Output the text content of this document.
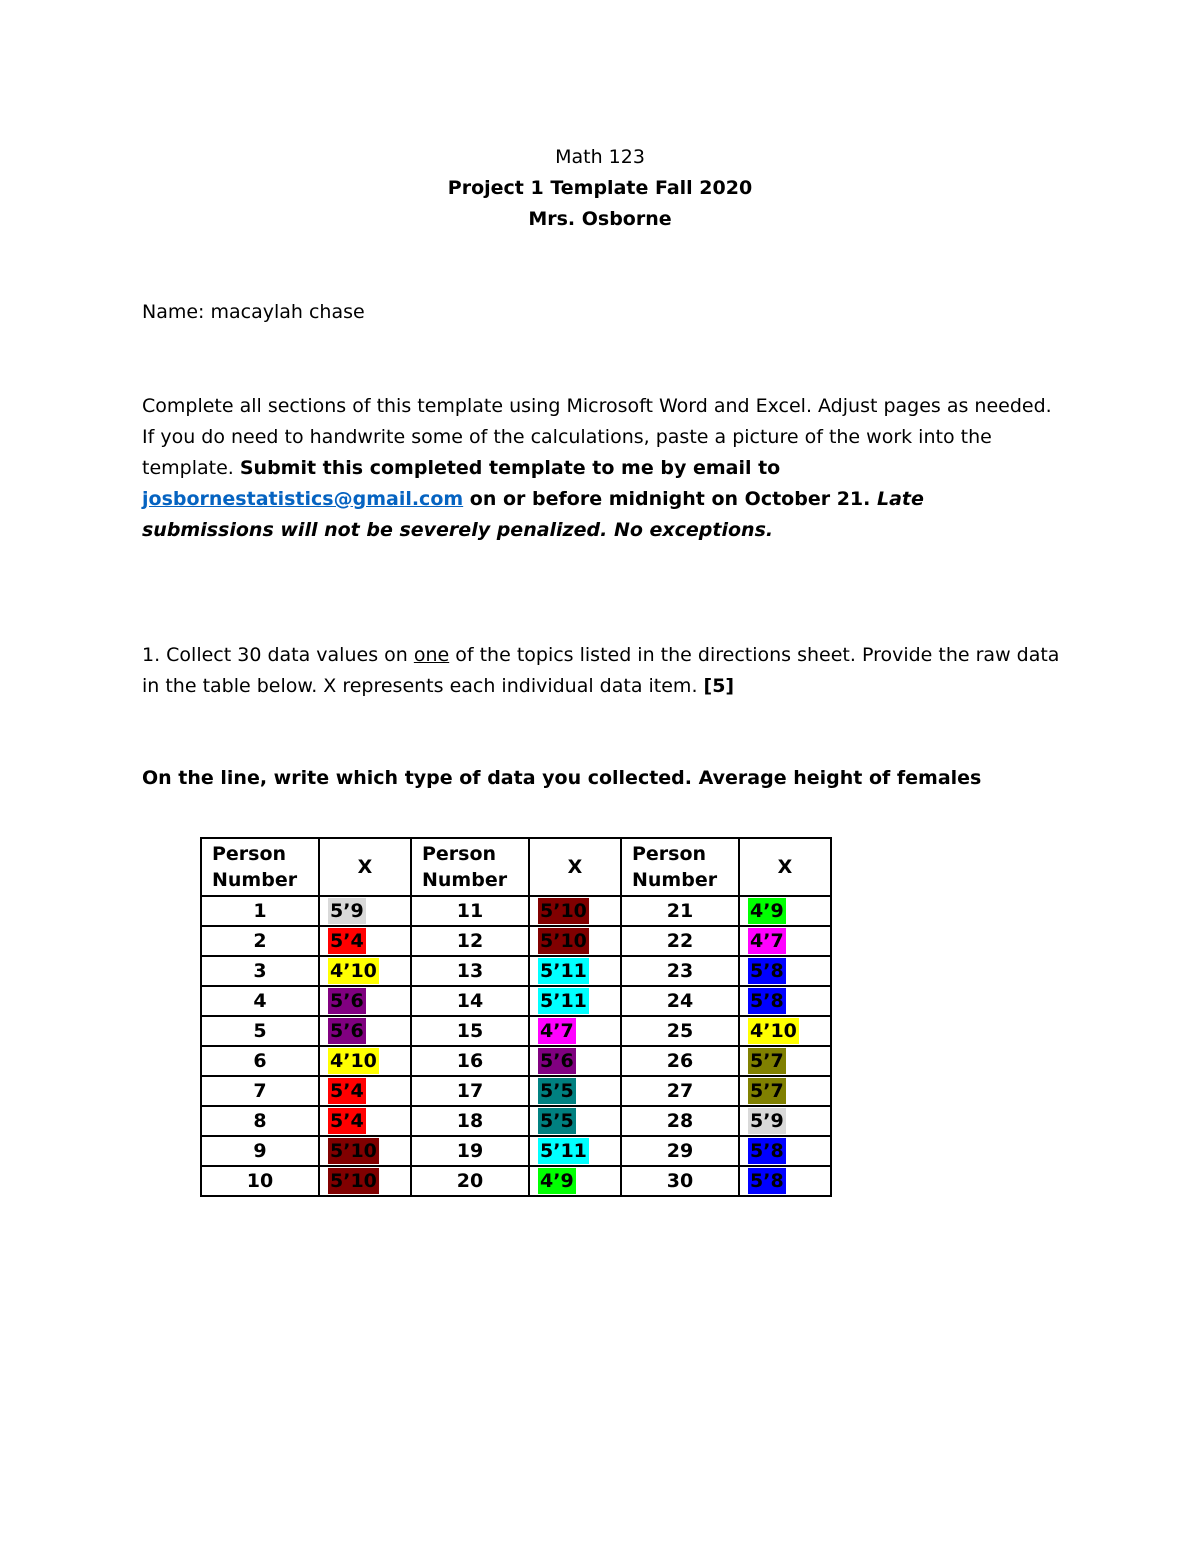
Math 123
Project 1 Template Fall 2020
Mrs. Osborne
Name: macaylah chase
Complete all sections of this template using Microsoft Word and Excel. Adjust pages as needed. If you do need to handwrite some of the calculations, paste a picture of the work into the template. Submit this completed template to me by email to
josbornestatistics@gmail.com on or before midnight on October 21. Late submissions will not be severely penalized. No exceptions.
1. Collect 30 data values on one of the topics listed in the directions sheet. Provide the raw data in the table below. X represents each individual data item. [5]
On the line, write which type of data you collected. Average height of females
Person Number	X	Person Number	X	Person Number	X
1	5’9	11	5’10	21	4’9
2	5’4	12	5’10	22	4’7
3	4’10	13	5’11	23	5’8
4	5’6	14	5’11	24	5’8
5	5’6	15	4’7	25	4’10
6	4’10	16	5’6	26	5’7
7	5’4	17	5’5	27	5’7
8	5’4	18	5’5	28	5’9
9	5’10	19	5’11	29	5’8
10	5’10	20	4’9	30	5’8
